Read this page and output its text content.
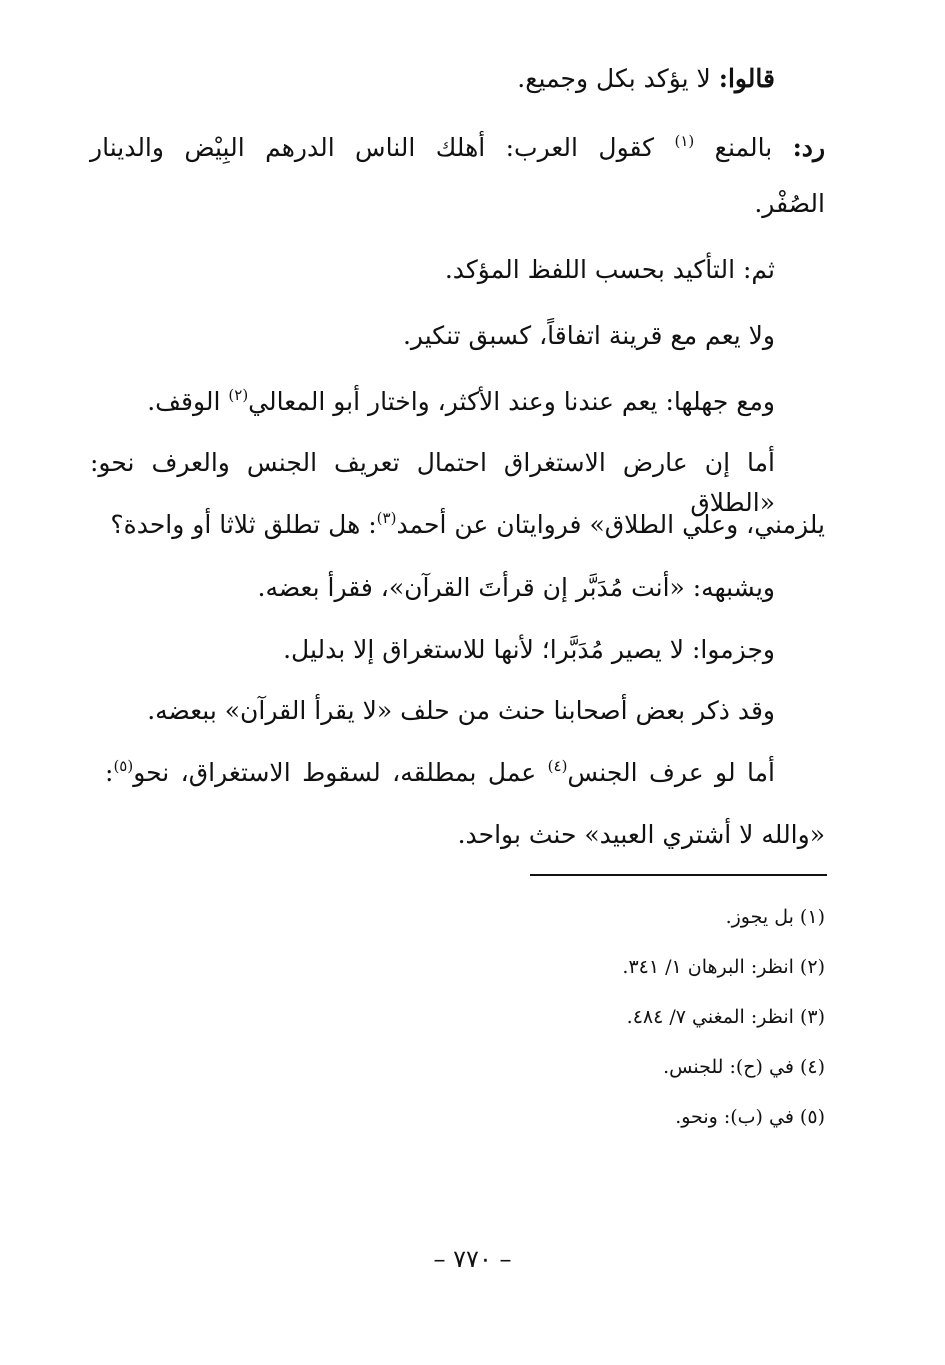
قالوا: لا يؤكد بكل وجميع.
رد: بالمنع $^{(١)}$ كقول العرب: أهلك الناس الدرهم البِيْض والدينار
الصُفْر.
ثم: التأكيد بحسب اللفظ المؤكد.
ولا يعم مع قرينة اتفاقاً، كسبق تنكير.
ومع جهلها: يعم عندنا وعند الأكثر، واختار أبو المعالي$^{(٢)}$ الوقف.
أما إن عارض الاستغراق احتمال تعريف الجنس والعرف نحو: «الطلاق
يلزمني، وعلي الطلاق» فروايتان عن أحمد$^{(٣)}$: هل تطلق ثلاثا أو واحدة؟
ويشبهه: «أنت مُدَبَّر إن قرأتَ القرآن»، فقرأ بعضه.
وجزموا: لا يصير مُدَبَّرا؛ لأنها للاستغراق إلا بدليل.
وقد ذكر بعض أصحابنا حنث من حلف «لا يقرأ القرآن» ببعضه.
أما لو عرف الجنس$^{(٤)}$ عمل بمطلقه، لسقوط الاستغراق، نحو$^{(٥)}$:
«والله لا أشتري العبيد» حنث بواحد.
(١) بل يجوز.
(٢) انظر: البرهان ١/ ٣٤١.
(٣) انظر: المغني ٧/ ٤٨٤.
(٤) في (ح): للجنس.
(٥) في (ب): ونحو.
– ٧٧٠ –
